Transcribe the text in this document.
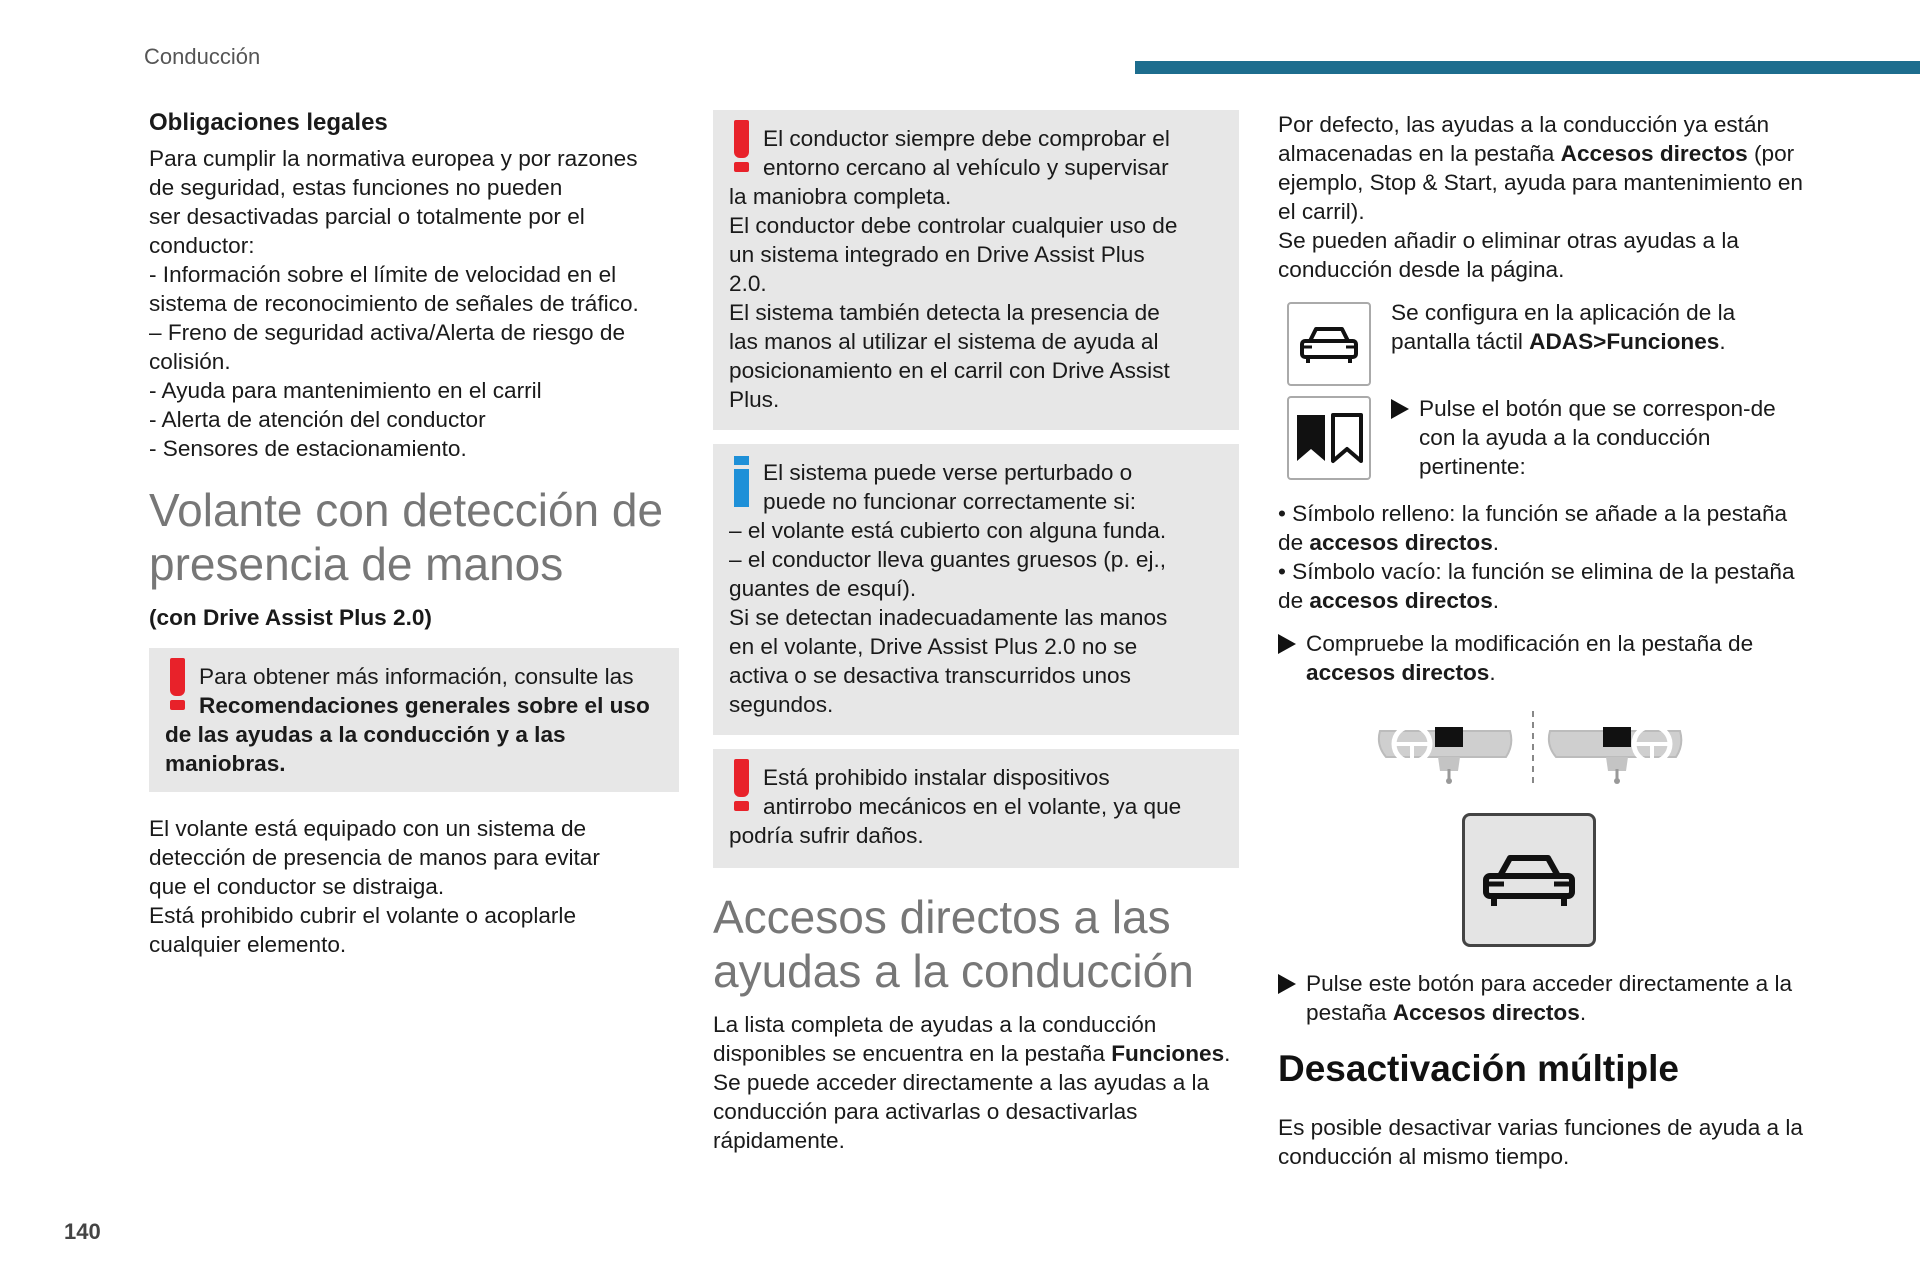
Conducción
Obligaciones legales
Para cumplir la normativa europea y por razones
de seguridad, estas funciones no pueden
ser desactivadas parcial o totalmente por el
conductor:
- Información sobre el límite de velocidad en el
sistema de reconocimiento de señales de tráfico.
– Freno de seguridad activa/Alerta de riesgo de
colisión.
- Ayuda para mantenimiento en el carril
- Alerta de atención del conductor
- Sensores de estacionamiento.
Volante con detección de presencia de manos
(con Drive Assist Plus 2.0)

Para obtener más información, consulte las Recomendaciones generales sobre el uso de las ayudas a la conducción y a las maniobras.

El volante está equipado con un sistema de
detección de presencia de manos para evitar
que el conductor se distraiga.
Está prohibido cubrir el volante o acoplarle
cualquier elemento.
El conductor siempre debe comprobar el
entorno cercano al vehículo y supervisar
la maniobra completa.
El conductor debe controlar cualquier uso de
un sistema integrado en Drive Assist Plus
2.0.
El sistema también detecta la presencia de
las manos al utilizar el sistema de ayuda al
posicionamiento en el carril con Drive Assist
Plus.
El sistema puede verse perturbado o
puede no funcionar correctamente si:
– el volante está cubierto con alguna funda.
– el conductor lleva guantes gruesos (p. ej.,
guantes de esquí).
Si se detectan inadecuadamente las manos
en el volante, Drive Assist Plus 2.0 no se
activa o se desactiva transcurridos unos
segundos.
Está prohibido instalar dispositivos
antirrobo mecánicos en el volante, ya que
podría sufrir daños.
Accesos directos a las ayudas a la conducción

La lista completa de ayudas a la conducción disponibles se encuentra en la pestaña Funciones.

Se puede acceder directamente a las ayudas a la conducción para activarlas o desactivarlas rápidamente.

Por defecto, las ayudas a la conducción ya están almacenadas en la pestaña Accesos directos (por ejemplo, Stop & Start, ayuda para mantenimiento en el carril).

Se pueden añadir o eliminar otras ayudas a la conducción desde la página.

Se configura en la aplicación de la pantalla táctil ADAS>Funciones.

Pulse el botón que se correspon-de con la ayuda a la conducción pertinente:

• Símbolo relleno: la función se añade a la pestaña de accesos directos.

• Símbolo vacío: la función se elimina de la pestaña de accesos directos.

Compruebe la modificación en la pestaña de accesos directos.
Pulse este botón para acceder directamente a la pestaña Accesos directos.
Desactivación múltiple

Es posible desactivar varias funciones de ayuda a la conducción al mismo tiempo.

140
